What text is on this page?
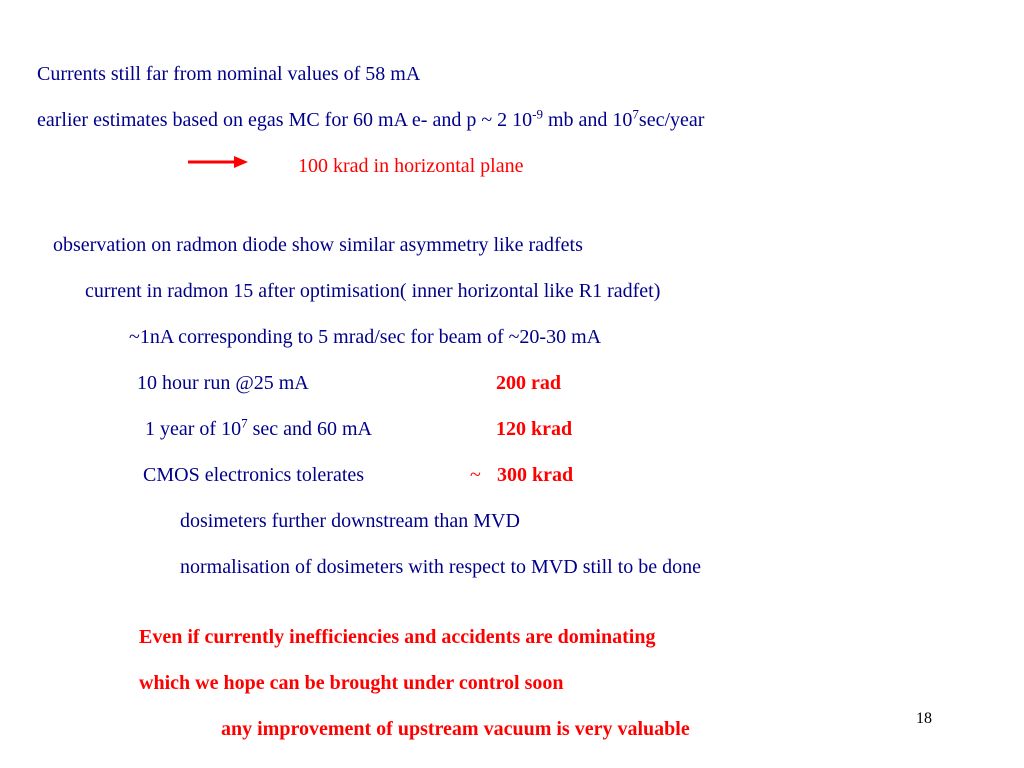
Currents still far from nominal values of 58 mA
earlier estimates based on egas MC for 60 mA e- and p ~ 2 $10^{-9}$ mb and $10^7\sec$/year
100 krad in horizontal plane
observation on radmon diode show similar asymmetry like radfets
current in radmon 15 after optimisation( inner horizontal like R1 radfet)
~1nA corresponding to 5 mrad/sec for beam of ~20-30 mA
10 hour run @25 mA	200 rad
1 year of $10^7$ sec and 60 mA	120 krad
CMOS electronics tolerates	~ 300 krad
dosimeters further downstream than MVD
normalisation of dosimeters with respect to MVD still to be done
Even if currently inefficiencies and accidents are dominating
which we hope can be brought under control soon
any improvement of upstream vacuum is very valuable	18
